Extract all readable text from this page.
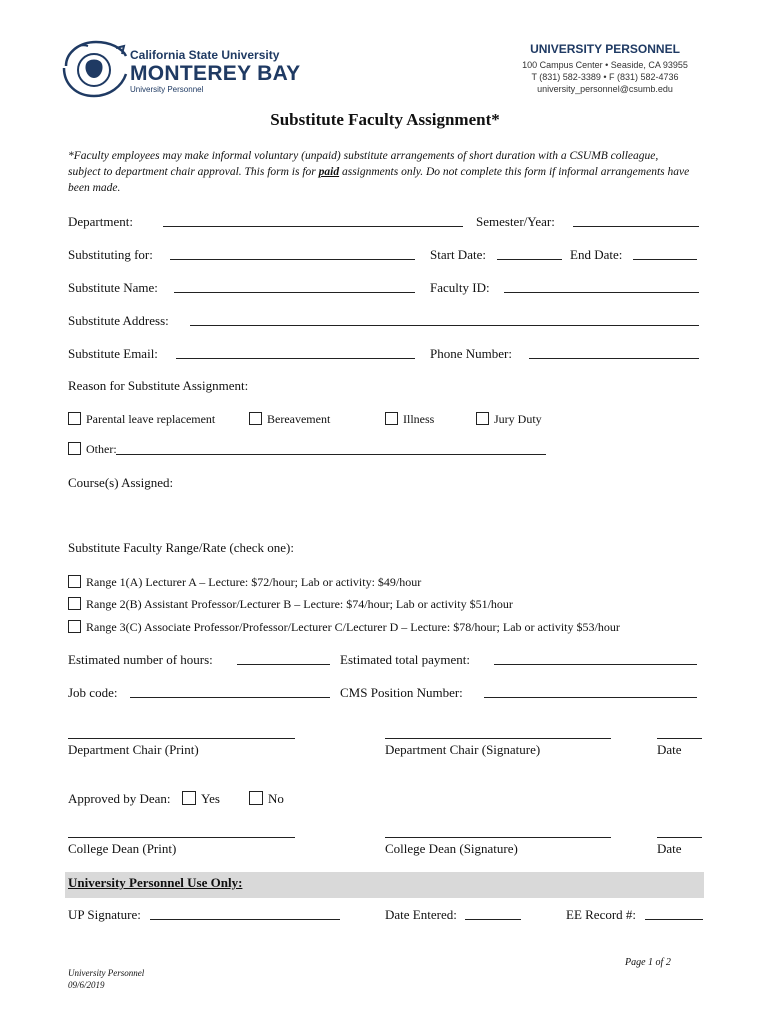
California State University
MONTEREY BAY
University Personnel
UNIVERSITY PERSONNEL
100 Campus Center • Seaside, CA 93955
T (831) 582-3389 • F (831) 582-4736
university_personnel@csumb.edu
Substitute Faculty Assignment*
*Faculty employees may make informal voluntary (unpaid) substitute arrangements of short duration with a CSUMB colleague, subject to department chair approval. This form is for paid assignments only. Do not complete this form if informal arrangements have been made.
Department:	Semester/Year:
Substituting for:	Start Date:	End Date:
Substitute Name:	Faculty ID:
Substitute Address:
Substitute Email:	Phone Number:
Reason for Substitute Assignment:
Parental leave replacement	Bereavement	Illness	Jury Duty
Other:
Course(s) Assigned:
Substitute Faculty Range/Rate (check one):
Range 1(A) Lecturer A – Lecture: $72/hour; Lab or activity: $49/hour
Range 2(B) Assistant Professor/Lecturer B – Lecture: $74/hour; Lab or activity $51/hour
Range 3(C) Associate Professor/Professor/Lecturer C/Lecturer D – Lecture: $78/hour; Lab or activity $53/hour
Estimated number of hours:	Estimated total payment:
Job code:	CMS Position Number:
Department Chair (Print)	Department Chair (Signature)	Date
Approved by Dean:	Yes	No
College Dean (Print)	College Dean (Signature)	Date
University Personnel Use Only:
UP Signature:	Date Entered:	EE Record #:
Page 1 of 2
University Personnel
09/6/2019
